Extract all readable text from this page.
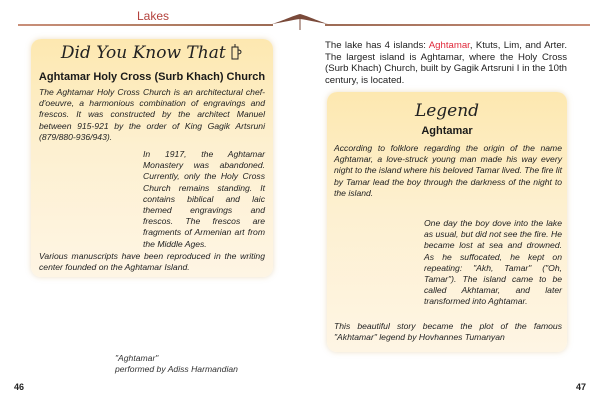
Lakes
Did You Know That
Aghtamar Holy Cross (Surb Khach) Church
The Aghtamar Holy Cross Church is an architectural chef-d'oeuvre, a harmonious combination of engravings and frescos. It was constructed by the architect Manuel between 915-921 by the order of King Gagik Artsruni (879/880-936/943).
In 1917, the Aghtamar Monastery was abandoned. Currently, only the Holy Cross Church remains standing. It contains biblical and laic themed engravings and frescos. The frescos are fragments of Armenian art from the Middle Ages.
Various manuscripts have been reproduced in the writing center founded on the Aghtamar Island.
The lake has 4 islands: Aghtamar, Ktuts, Lim, and Arter. The largest island is Aghtamar, where the Holy Cross (Surb Khach) Church, built by Gagik Artsruni I in the 10th century, is located.
Legend
Aghtamar
According to folklore regarding the origin of the name Aghtamar, a love-struck young man made his way every night to the island where his beloved Tamar lived. The fire lit by Tamar lead the boy through the darkness of the night to the island.
One day the boy dove into the lake as usual, but did not see the fire. He became lost at sea and drowned. As he suffocated, he kept on repeating: "Akh, Tamar" ("Oh, Tamar"). The island came to be called Akhtamar, and later transformed into Aghtamar.
This beautiful story became the plot of the famous "Akhtamar" legend by Hovhannes Tumanyan
"Aghtamar"
performed by Adiss Harmandian
46	47
